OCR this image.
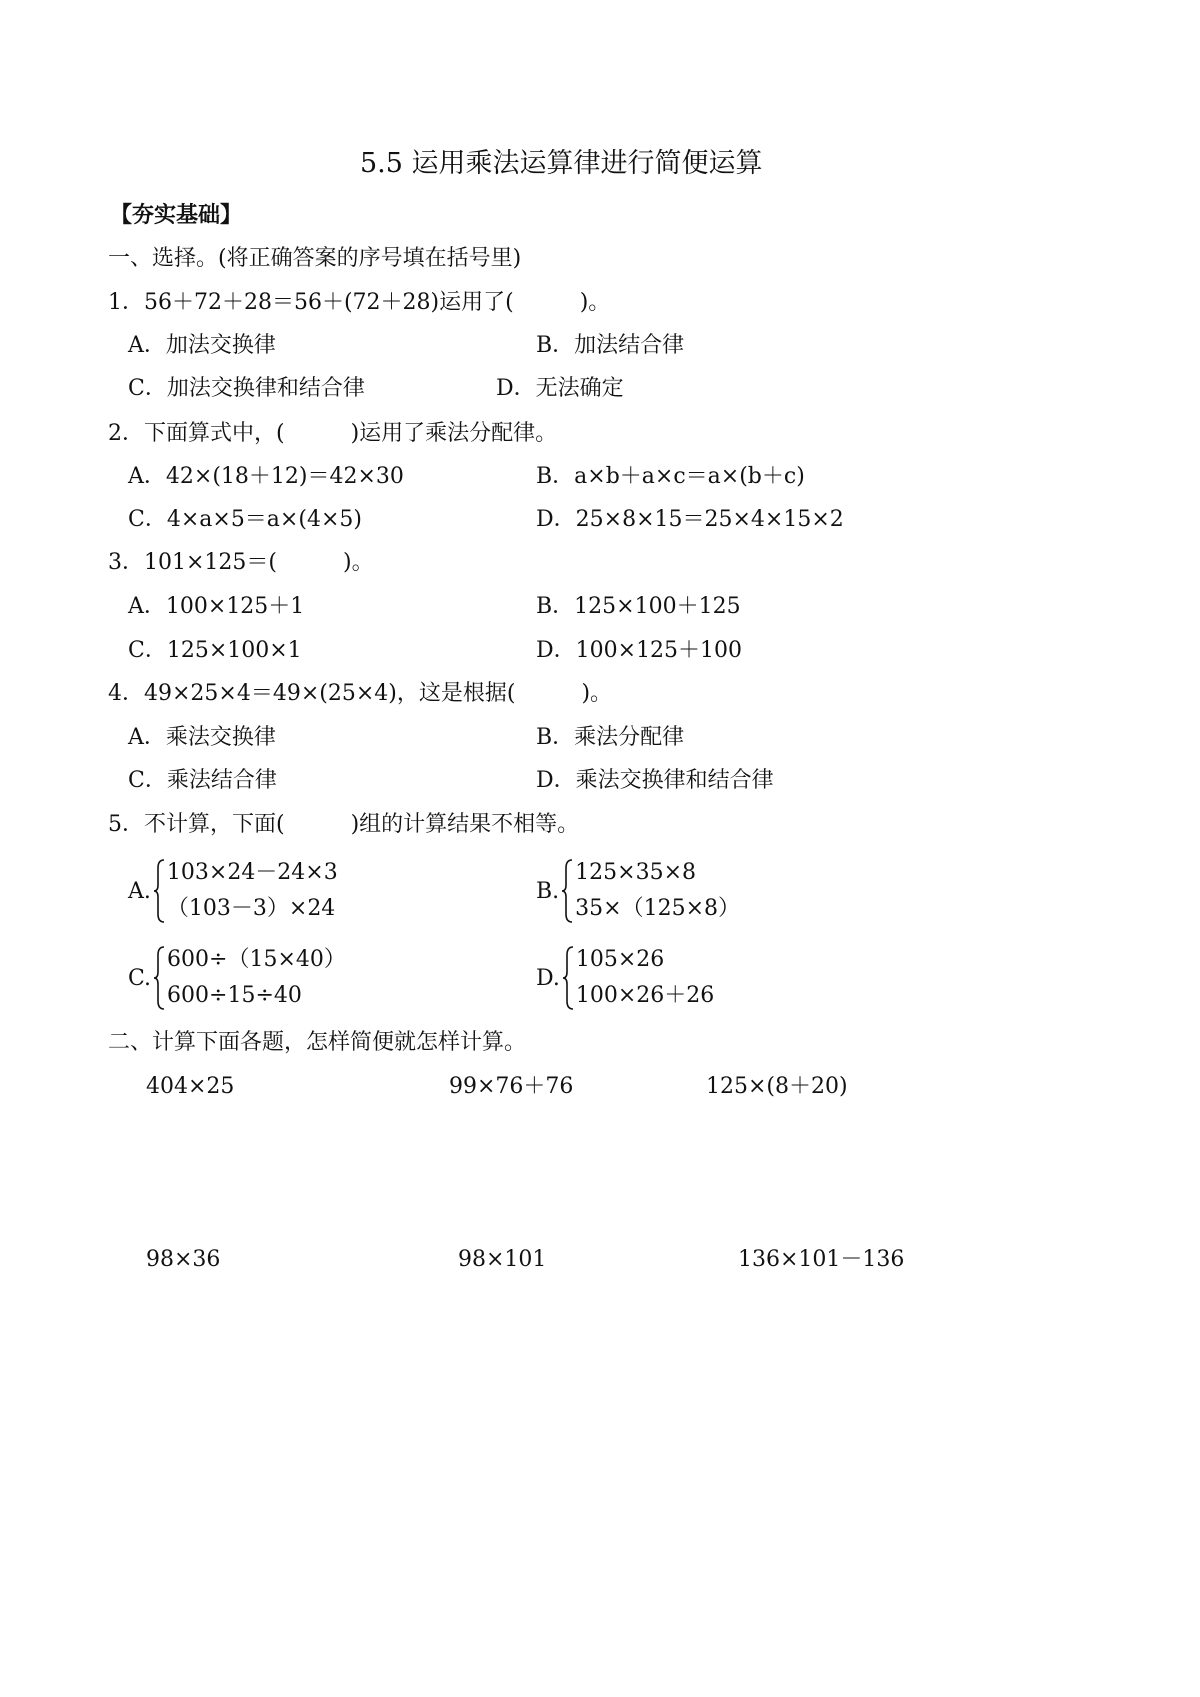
5.5 运用乘法运算律进行简便运算
【夯实基础】
一、选择。(将正确答案的序号填在括号里)
1．56＋72＋28＝56＋(72＋28)运用了(　　　)。
A．加法交换律	B．加法结合律
C．加法交换律和结合律	D．无法确定
2．下面算式中，(　　　)运用了乘法分配律。
A．42×(18＋12)＝42×30	B．a×b＋a×c＝a×(b＋c)
C．4×a×5＝a×(4×5)	D．25×8×15＝25×4×15×2
3．101×125＝(　　　)。
A．100×125＋1	B．125×100＋125
C．125×100×1	D．100×125＋100
4．49×25×4＝49×(25×4)，这是根据(　　　)。
A．乘法交换律	B．乘法分配律
C．乘法结合律	D．乘法交换律和结合律
5．不计算，下面(　　　)组的计算结果不相等。
A.
103×24－24×3
（103－3）×24
B.
125×35×8
35×（125×8）
C.
600÷（15×40）
600÷15÷40
D.
105×26
100×26＋26
二、计算下面各题，怎样简便就怎样计算。
404×25	99×76＋76	125×(8＋20)
98×36	98×101	136×101－136
